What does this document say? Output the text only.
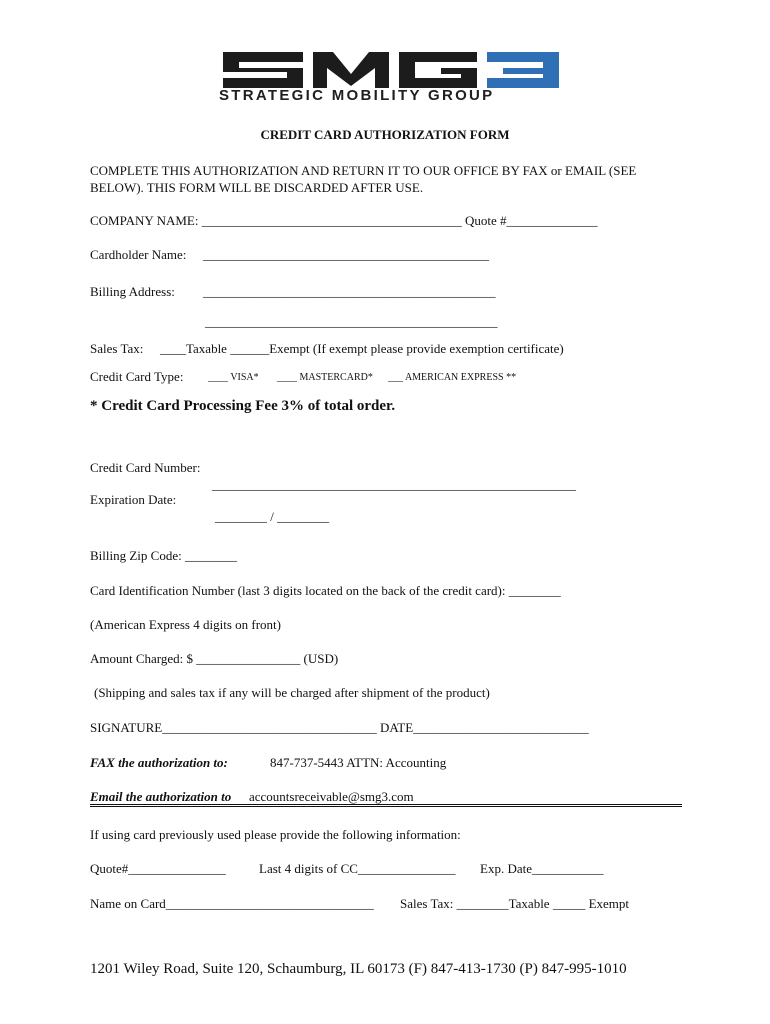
STRATEGIC MOBILITY GROUP
CREDIT CARD AUTHORIZATION FORM
COMPLETE THIS AUTHORIZATION AND RETURN IT TO OUR OFFICE BY FAX or EMAIL (SEE
BELOW). THIS FORM WILL BE DISCARDED AFTER USE.
COMPANY NAME: ________________________________________ Quote #______________
Cardholder Name: ____________________________________________
Billing Address: _____________________________________________
_____________________________________________
Sales Tax: ____Taxable ______Exempt (If exempt please provide exemption certificate)
Credit Card Type: ____ VISA* ____ MASTERCARD* ___ AMERICAN EXPRESS **
* Credit Card Processing Fee 3% of total order.
Credit Card Number:
________________________________________________________
Expiration Date:
________ / ________
Billing Zip Code: ________
Card Identification Number (last 3 digits located on the back of the credit card): ________
(American Express 4 digits on front)
Amount Charged: $ ________________ (USD)
(Shipping and sales tax if any will be charged after shipment of the product)
SIGNATURE_________________________________ DATE___________________________
FAX the authorization to:	847-737-5443 ATTN: Accounting
Email the authorization to accountsreceivable@smg3.com
If using card previously used please provide the following information:
Quote#_______________	Last 4 digits of CC_______________ Exp. Date___________
Name on Card________________________________ Sales Tax: ________Taxable _____ Exempt
1201 Wiley Road, Suite 120, Schaumburg, IL 60173 (F) 847-413-1730 (P) 847-995-1010
